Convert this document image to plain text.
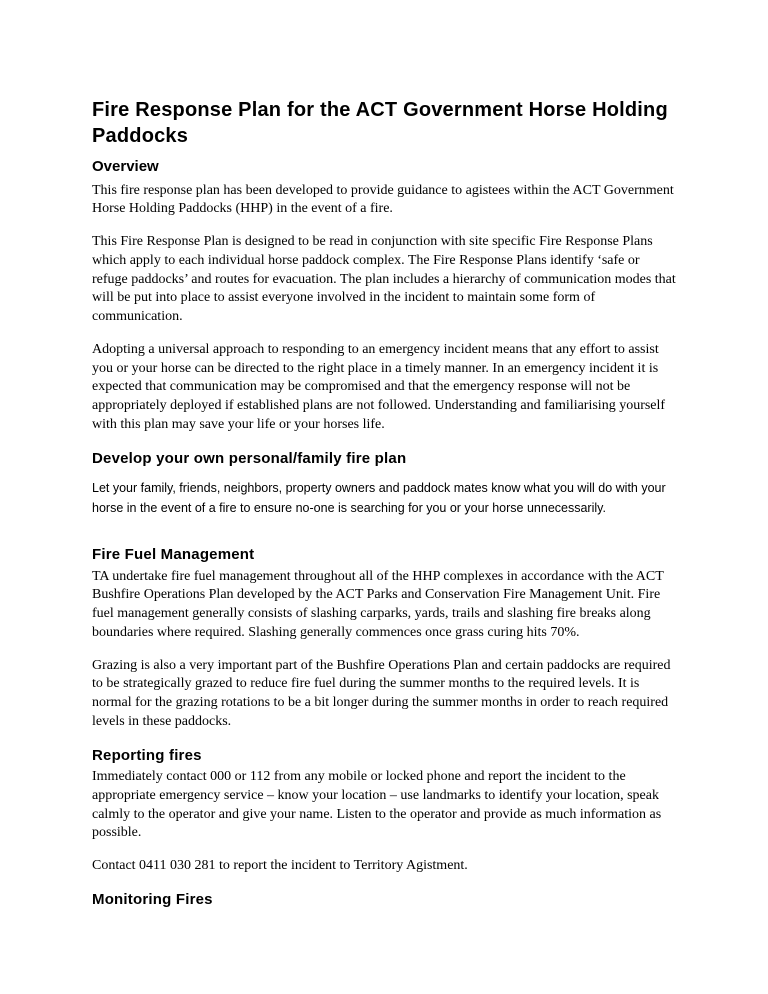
Fire Response Plan for the ACT Government Horse Holding Paddocks
Overview

This fire response plan has been developed to provide guidance to agistees within the ACT Government Horse Holding Paddocks (HHP) in the event of a fire.

This Fire Response Plan is designed to be read in conjunction with site specific Fire Response Plans which apply to each individual horse paddock complex. The Fire Response Plans identify ‘safe or refuge paddocks’ and routes for evacuation. The plan includes a hierarchy of communication modes that will be put into place to assist everyone involved in the incident to maintain some form of communication.

Adopting a universal approach to responding to an emergency incident means that any effort to assist you or your horse can be directed to the right place in a timely manner. In an emergency incident it is expected that communication may be compromised and that the emergency response will not be appropriately deployed if established plans are not followed. Understanding and familiarising yourself with this plan may save your life or your horses life.

Develop your own personal/family fire plan

Let your family, friends, neighbors, property owners and paddock mates know what you will do with your horse in the event of a fire to ensure no-one is searching for you or your horse unnecessarily.

Fire Fuel Management

TA undertake fire fuel management throughout all of the HHP complexes in accordance with the ACT Bushfire Operations Plan developed by the ACT Parks and Conservation Fire Management Unit. Fire fuel management generally consists of slashing carparks, yards, trails and slashing fire breaks along boundaries where required. Slashing generally commences once grass curing hits 70%.

Grazing is also a very important part of the Bushfire Operations Plan and certain paddocks are required to be strategically grazed to reduce fire fuel during the summer months to the required levels. It is normal for the grazing rotations to be a bit longer during the summer months in order to reach required levels in these paddocks.

Reporting fires

Immediately contact 000 or 112 from any mobile or locked phone and report the incident to the appropriate emergency service – know your location – use landmarks to identify your location, speak calmly to the operator and give your name. Listen to the operator and provide as much information as possible.

Contact 0411 030 281 to report the incident to Territory Agistment.

Monitoring Fires
